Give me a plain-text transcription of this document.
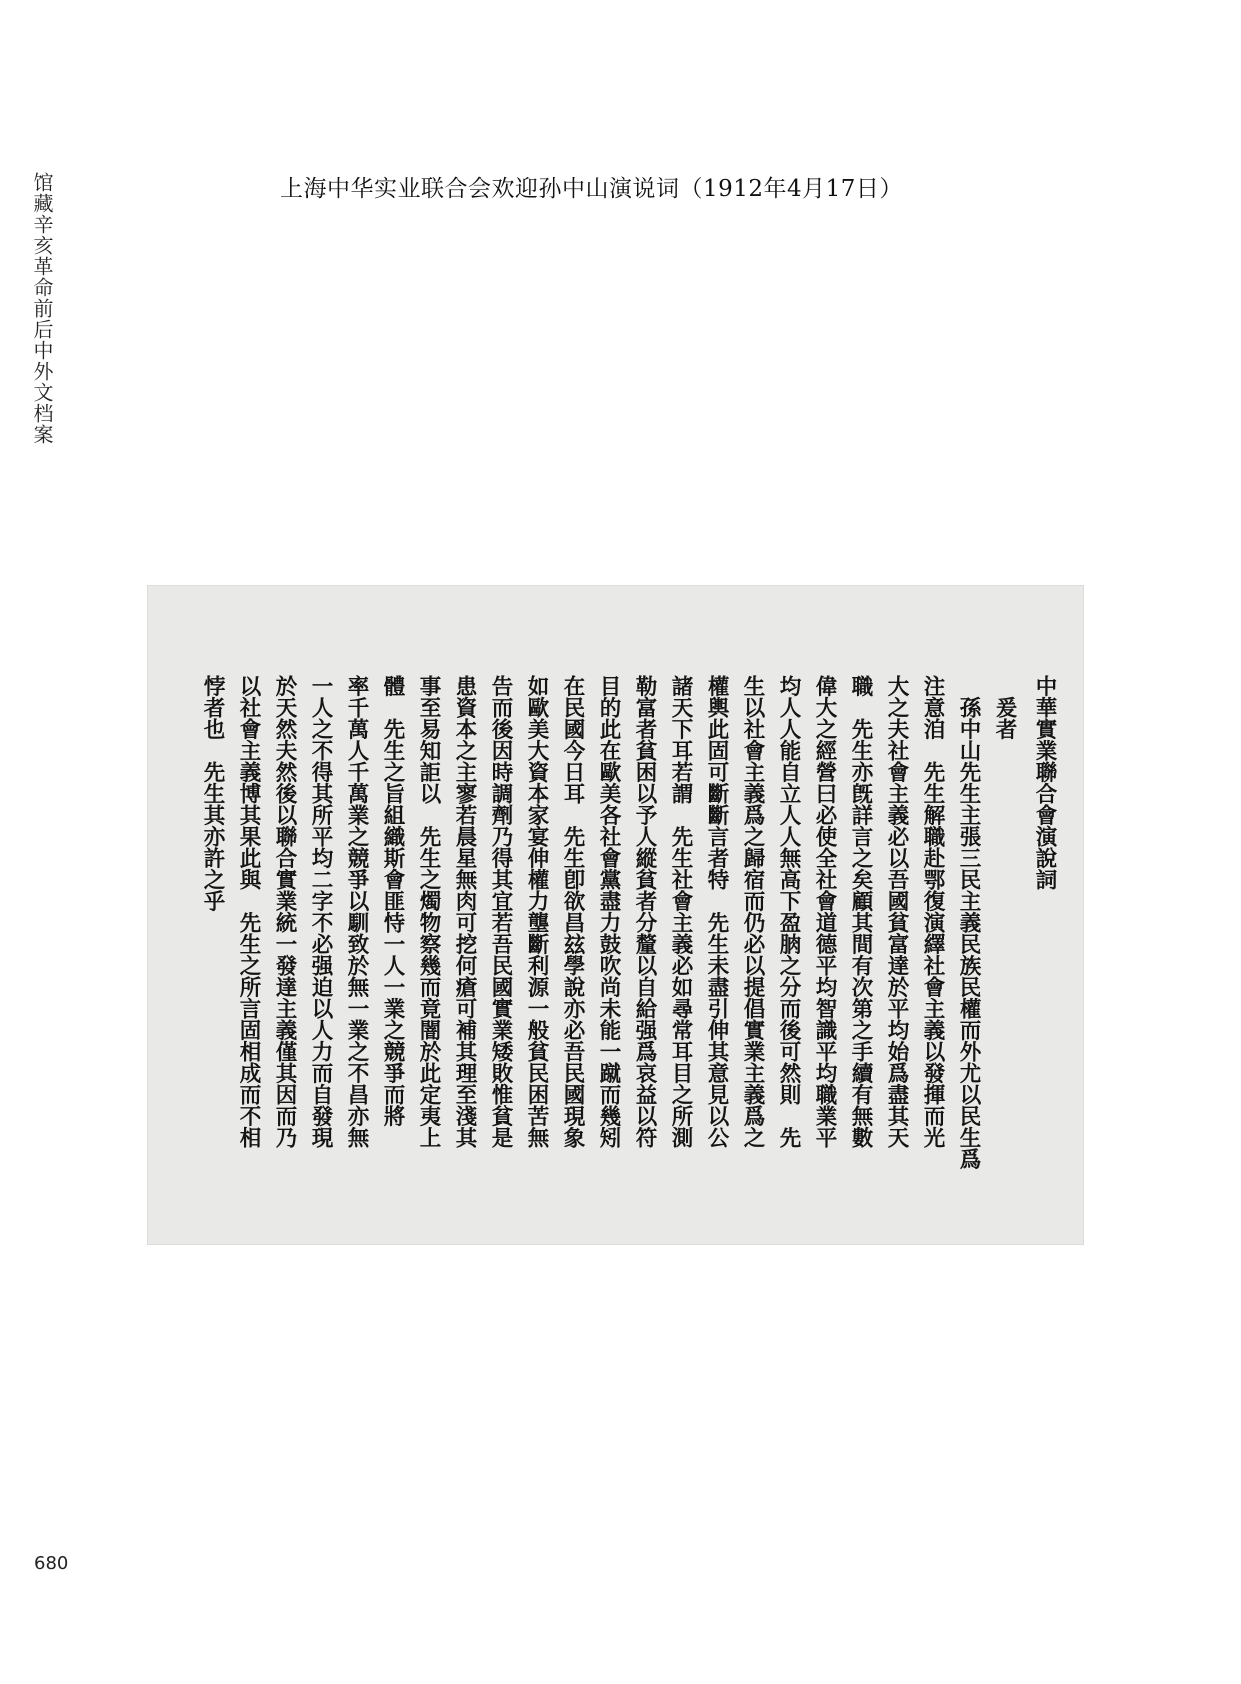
馆藏辛亥革命前后中外文档案	上海中华实业联合会欢迎孙中山演说词（1912年4月17日）
中華實業聯合會演說詞
　爰者
　孫中山先生主張三民主義民族民權而外尤以民生爲
注意洎　先生解職赴鄂復演繹社會主義以發揮而光
大之夫社會主義必以吾國貧富達於平均始爲盡其天
職　先生亦旣詳言之矣顧其間有次第之手續有無數
偉大之經營曰必使全社會道德平均智識平均職業平
均人人能自立人人無高下盈朒之分而後可然則　先
生以社會主義爲之歸宿而仍必以提倡實業主義爲之
權輿此固可斷斷言者特　先生未盡引伸其意見以公
諸天下耳若謂　先生社會主義必如尋常耳目之所測
勒富者貧困以予人縱貧者分釐以自給强爲哀益以符
目的此在歐美各社會黨盡力鼓吹尚未能一蹴而幾矧
在民國今日耳　先生卽欲昌玆學說亦必吾民國現象
如歐美大資本家宴伸權力壟斷利源一般貧民困苦無
告而後因時調劑乃得其宜若吾民國實業矮敗惟貧是
患資本之主寥若晨星無肉可挖何瘡可補其理至淺其
事至易知詎以　先生之燭物察幾而竟闇於此定夷上
體　先生之旨組織斯會匪恃一人一業之競爭而將
率千萬人千萬業之競爭以馴致於無一業之不昌亦無
一人之不得其所平均二字不必强迫以人力而自發現
於天然夫然後以聯合實業統一發達主義僅其因而乃
以社會主義博其果此與　先生之所言固相成而不相
悖者也　先生其亦許之乎
680
